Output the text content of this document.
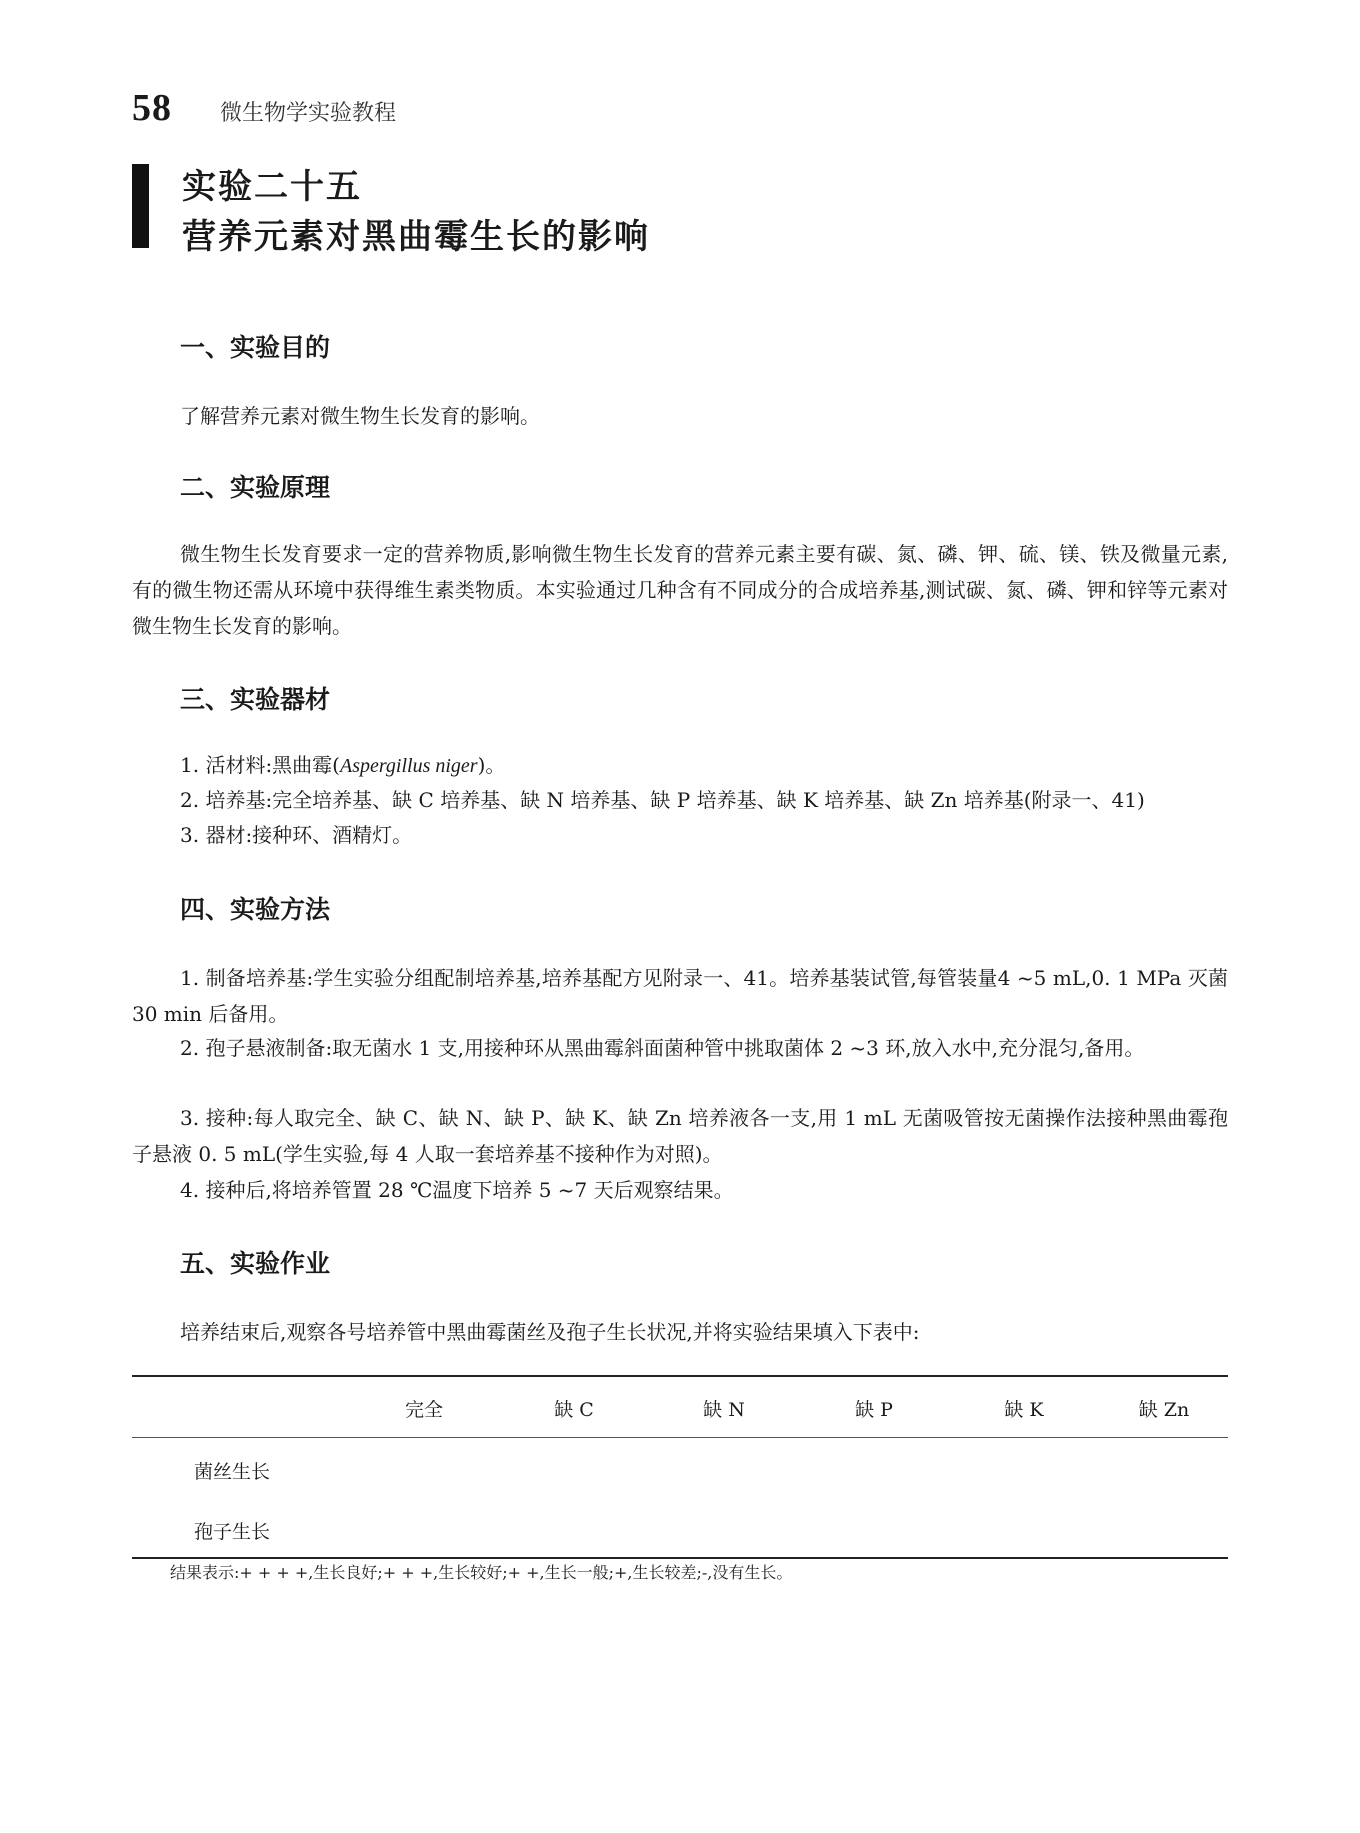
58 微生物学实验教程
实验二十五
营养元素对黑曲霉生长的影响
一、实验目的
了解营养元素对微生物生长发育的影响。
二、实验原理
微生物生长发育要求一定的营养物质,影响微生物生长发育的营养元素主要有碳、氮、磷、钾、硫、镁、铁及微量元素,有的微生物还需从环境中获得维生素类物质。本实验通过几种含有不同成分的合成培养基,测试碳、氮、磷、钾和锌等元素对微生物生长发育的影响。
三、实验器材
1. 活材料:黑曲霉(Aspergillus niger)。
2. 培养基:完全培养基、缺 C 培养基、缺 N 培养基、缺 P 培养基、缺 K 培养基、缺 Zn 培养基(附录一、41)
3. 器材:接种环、酒精灯。
四、实验方法
1. 制备培养基:学生实验分组配制培养基,培养基配方见附录一、41。培养基装试管,每管装量4 ~5 mL,0. 1 MPa 灭菌 30 min 后备用。
2. 孢子悬液制备:取无菌水 1 支,用接种环从黑曲霉斜面菌种管中挑取菌体 2 ~3 环,放入水中,充分混匀,备用。
3. 接种:每人取完全、缺 C、缺 N、缺 P、缺 K、缺 Zn 培养液各一支,用 1 mL 无菌吸管按无菌操作法接种黑曲霉孢子悬液 0. 5 mL(学生实验,每 4 人取一套培养基不接种作为对照)。
4. 接种后,将培养管置 28 ℃温度下培养 5 ~7 天后观察结果。
五、实验作业
培养结束后,观察各号培养管中黑曲霉菌丝及孢子生长状况,并将实验结果填入下表中:
完全	缺 C	缺 N	缺 P	缺 K	缺 Zn
菌丝生长
孢子生长
结果表示:+ + + +,生长良好;+ + +,生长较好;+ +,生长一般;+,生长较差;-,没有生长。
